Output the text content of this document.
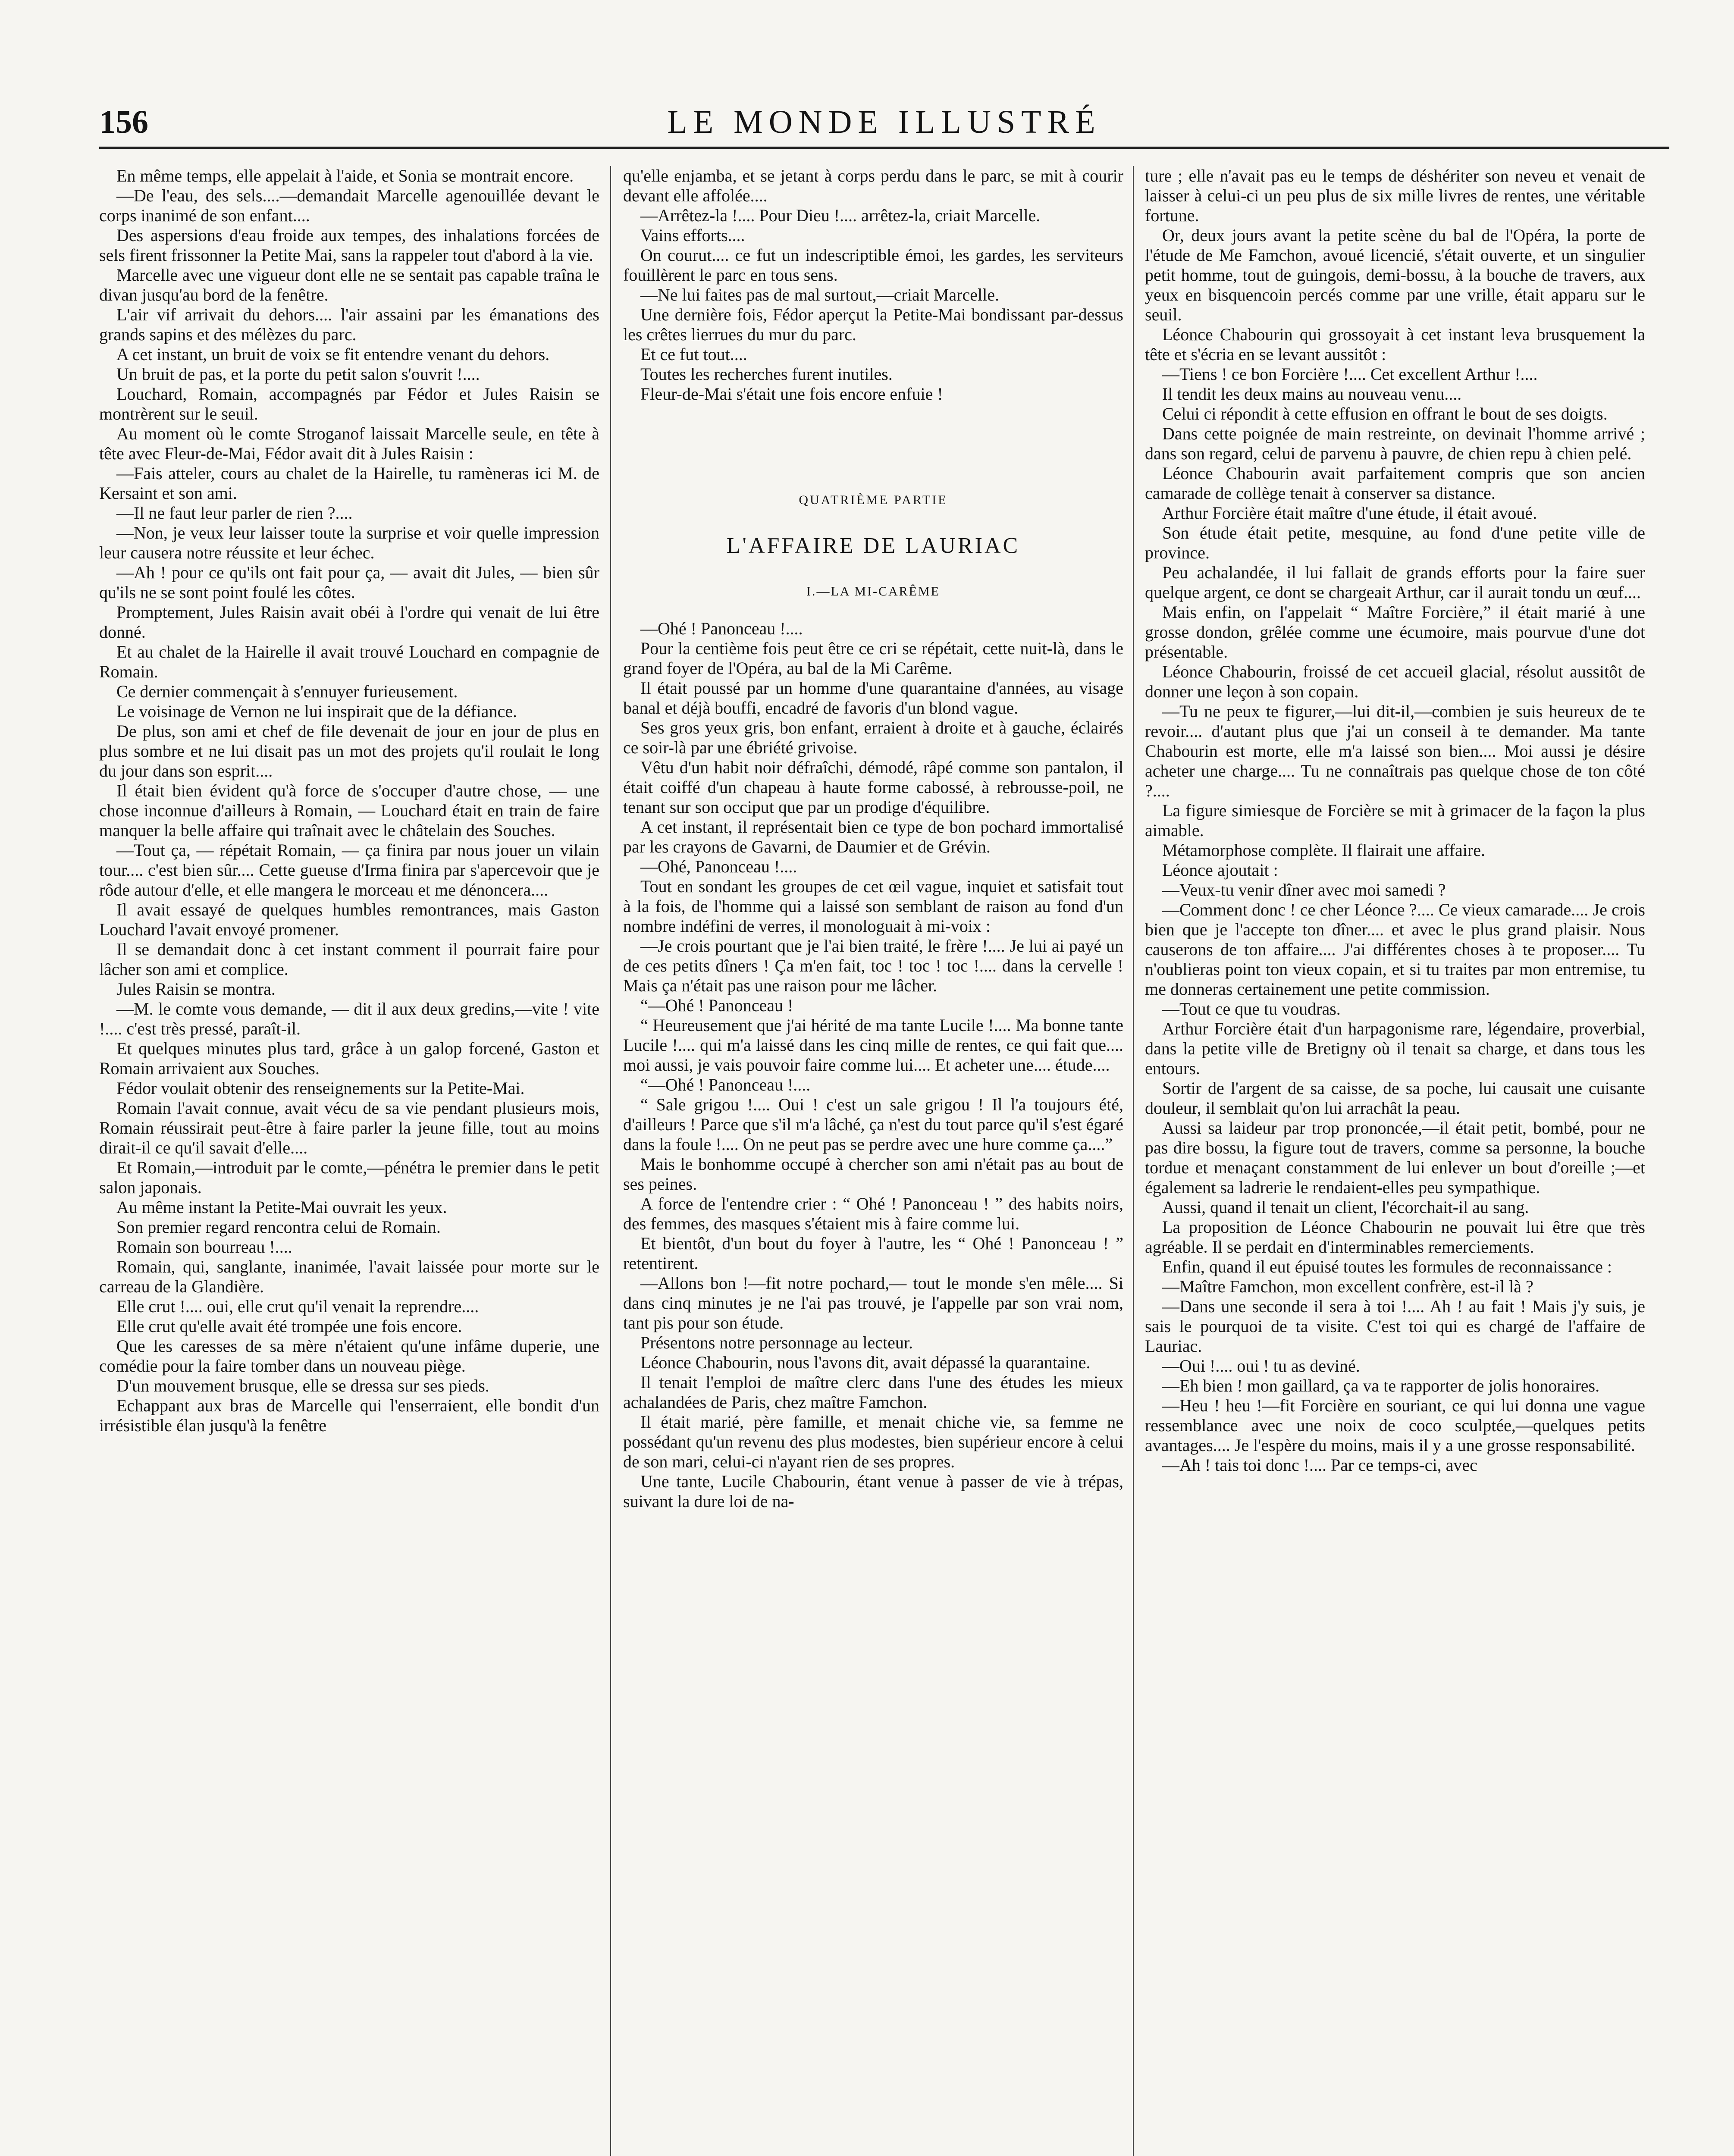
156	LE MONDE ILLUSTRÉ

En même temps, elle appelait à l'aide, et Sonia se montrait encore.

—De l'eau, des sels....—demandait Marcelle agenouillée devant le corps inanimé de son enfant....

Des aspersions d'eau froide aux tempes, des inhalations forcées de sels firent frissonner la Petite Mai, sans la rappeler tout d'abord à la vie.

Marcelle avec une vigueur dont elle ne se sentait pas capable traîna le divan jusqu'au bord de la fenêtre.

L'air vif arrivait du dehors.... l'air assaini par les émanations des grands sapins et des mélèzes du parc.

A cet instant, un bruit de voix se fit entendre venant du dehors.

Un bruit de pas, et la porte du petit salon s'ouvrit !....

Louchard, Romain, accompagnés par Fédor et Jules Raisin se montrèrent sur le seuil.

Au moment où le comte Stroganof laissait Marcelle seule, en tête à tête avec Fleur-de-Mai, Fédor avait dit à Jules Raisin :

—Fais atteler, cours au chalet de la Hairelle, tu ramèneras ici M. de Kersaint et son ami.

—Il ne faut leur parler de rien ?....

—Non, je veux leur laisser toute la surprise et voir quelle impression leur causera notre réussite et leur échec.

—Ah ! pour ce qu'ils ont fait pour ça, — avait dit Jules, — bien sûr qu'ils ne se sont point foulé les côtes.

Promptement, Jules Raisin avait obéi à l'ordre qui venait de lui être donné.

Et au chalet de la Hairelle il avait trouvé Louchard en compagnie de Romain.

Ce dernier commençait à s'ennuyer furieusement.

Le voisinage de Vernon ne lui inspirait que de la défiance.

De plus, son ami et chef de file devenait de jour en jour de plus en plus sombre et ne lui disait pas un mot des projets qu'il roulait le long du jour dans son esprit....

Il était bien évident qu'à force de s'occuper d'autre chose, — une chose inconnue d'ailleurs à Romain, — Louchard était en train de faire manquer la belle affaire qui traînait avec le châtelain des Souches.

—Tout ça, — répétait Romain, — ça finira par nous jouer un vilain tour.... c'est bien sûr.... Cette gueuse d'Irma finira par s'apercevoir que je rôde autour d'elle, et elle mangera le morceau et me dénoncera....

Il avait essayé de quelques humbles remontrances, mais Gaston Louchard l'avait envoyé promener.

Il se demandait donc à cet instant comment il pourrait faire pour lâcher son ami et complice.

Jules Raisin se montra.

—M. le comte vous demande, — dit il aux deux gredins,—vite ! vite !.... c'est très pressé, paraît-il.

Et quelques minutes plus tard, grâce à un galop forcené, Gaston et Romain arrivaient aux Souches.

Fédor voulait obtenir des renseignements sur la Petite-Mai.

Romain l'avait connue, avait vécu de sa vie pendant plusieurs mois, Romain réussirait peut-être à faire parler la jeune fille, tout au moins dirait-il ce qu'il savait d'elle....

Et Romain,—introduit par le comte,—pénétra le premier dans le petit salon japonais.

Au même instant la Petite-Mai ouvrait les yeux.

Son premier regard rencontra celui de Romain.

Romain son bourreau !....

Romain, qui, sanglante, inanimée, l'avait laissée pour morte sur le carreau de la Glandière.

Elle crut !.... oui, elle crut qu'il venait la reprendre....

Elle crut qu'elle avait été trompée une fois encore.

Que les caresses de sa mère n'étaient qu'une infâme duperie, une comédie pour la faire tomber dans un nouveau piège.

D'un mouvement brusque, elle se dressa sur ses pieds.

Echappant aux bras de Marcelle qui l'enserraient, elle bondit d'un irrésistible élan jusqu'à la fenêtre

qu'elle enjamba, et se jetant à corps perdu dans le parc, se mit à courir devant elle affolée....

—Arrêtez-la !.... Pour Dieu !.... arrêtez-la, criait Marcelle.

Vains efforts....

On courut.... ce fut un indescriptible émoi, les gardes, les serviteurs fouillèrent le parc en tous sens.

—Ne lui faites pas de mal surtout,—criait Marcelle.

Une dernière fois, Fédor aperçut la Petite-Mai bondissant par-dessus les crêtes lierrues du mur du parc.

Et ce fut tout....

Toutes les recherches furent inutiles.

Fleur-de-Mai s'était une fois encore enfuie !

QUATRIÈME PARTIE

L'AFFAIRE DE LAURIAC

I.—LA MI-CARÊME

—Ohé ! Panonceau !....

Pour la centième fois peut être ce cri se répétait, cette nuit-là, dans le grand foyer de l'Opéra, au bal de la Mi Carême.

Il était poussé par un homme d'une quarantaine d'années, au visage banal et déjà bouffi, encadré de favoris d'un blond vague.

Ses gros yeux gris, bon enfant, erraient à droite et à gauche, éclairés ce soir-là par une ébriété grivoise.

Vêtu d'un habit noir défraîchi, démodé, râpé comme son pantalon, il était coiffé d'un chapeau à haute forme cabossé, à rebrousse-poil, ne tenant sur son occiput que par un prodige d'équilibre.

A cet instant, il représentait bien ce type de bon pochard immortalisé par les crayons de Gavarni, de Daumier et de Grévin.

—Ohé, Panonceau !....

Tout en sondant les groupes de cet œil vague, inquiet et satisfait tout à la fois, de l'homme qui a laissé son semblant de raison au fond d'un nombre indéfini de verres, il monologuait à mi-voix :

—Je crois pourtant que je l'ai bien traité, le frère !.... Je lui ai payé un de ces petits dîners ! Ça m'en fait, toc ! toc ! toc !.... dans la cervelle ! Mais ça n'était pas une raison pour me lâcher.

“—Ohé ! Panonceau !

“ Heureusement que j'ai hérité de ma tante Lucile !.... Ma bonne tante Lucile !.... qui m'a laissé dans les cinq mille de rentes, ce qui fait que.... moi aussi, je vais pouvoir faire comme lui.... Et acheter une.... étude....

“—Ohé ! Panonceau !....

“ Sale grigou !.... Oui ! c'est un sale grigou ! Il l'a toujours été, d'ailleurs ! Parce que s'il m'a lâché, ça n'est du tout parce qu'il s'est égaré dans la foule !.... On ne peut pas se perdre avec une hure comme ça....”

Mais le bonhomme occupé à chercher son ami n'était pas au bout de ses peines.

A force de l'entendre crier : “ Ohé ! Panonceau ! ” des habits noirs, des femmes, des masques s'étaient mis à faire comme lui.

Et bientôt, d'un bout du foyer à l'autre, les “ Ohé ! Panonceau ! ” retentirent.

—Allons bon !—fit notre pochard,— tout le monde s'en mêle.... Si dans cinq minutes je ne l'ai pas trouvé, je l'appelle par son vrai nom, tant pis pour son étude.

Présentons notre personnage au lecteur.

Léonce Chabourin, nous l'avons dit, avait dépassé la quarantaine.

Il tenait l'emploi de maître clerc dans l'une des études les mieux achalandées de Paris, chez maître Famchon.

Il était marié, père famille, et menait chiche vie, sa femme ne possédant qu'un revenu des plus modestes, bien supérieur encore à celui de son mari, celui-ci n'ayant rien de ses propres.

Une tante, Lucile Chabourin, étant venue à passer de vie à trépas, suivant la dure loi de na-

ture ; elle n'avait pas eu le temps de déshériter son neveu et venait de laisser à celui-ci un peu plus de six mille livres de rentes, une véritable fortune.

Or, deux jours avant la petite scène du bal de l'Opéra, la porte de l'étude de Me Famchon, avoué licencié, s'était ouverte, et un singulier petit homme, tout de guingois, demi-bossu, à la bouche de travers, aux yeux en bisquencoin percés comme par une vrille, était apparu sur le seuil.

Léonce Chabourin qui grossoyait à cet instant leva brusquement la tête et s'écria en se levant aussitôt :

—Tiens ! ce bon Forcière !.... Cet excellent Arthur !....

Il tendit les deux mains au nouveau venu....

Celui ci répondit à cette effusion en offrant le bout de ses doigts.

Dans cette poignée de main restreinte, on devinait l'homme arrivé ; dans son regard, celui de parvenu à pauvre, de chien repu à chien pelé.

Léonce Chabourin avait parfaitement compris que son ancien camarade de collège tenait à conserver sa distance.

Arthur Forcière était maître d'une étude, il était avoué.

Son étude était petite, mesquine, au fond d'une petite ville de province.

Peu achalandée, il lui fallait de grands efforts pour la faire suer quelque argent, ce dont se chargeait Arthur, car il aurait tondu un œuf....

Mais enfin, on l'appelait “ Maître Forcière,” il était marié à une grosse dondon, grêlée comme une écumoire, mais pourvue d'une dot présentable.

Léonce Chabourin, froissé de cet accueil glacial, résolut aussitôt de donner une leçon à son copain.

—Tu ne peux te figurer,—lui dit-il,—combien je suis heureux de te revoir.... d'autant plus que j'ai un conseil à te demander. Ma tante Chabourin est morte, elle m'a laissé son bien.... Moi aussi je désire acheter une charge.... Tu ne connaîtrais pas quelque chose de ton côté ?....

La figure simiesque de Forcière se mit à grimacer de la façon la plus aimable.

Métamorphose complète. Il flairait une affaire.

Léonce ajoutait :

—Veux-tu venir dîner avec moi samedi ?

—Comment donc ! ce cher Léonce ?.... Ce vieux camarade.... Je crois bien que je l'accepte ton dîner.... et avec le plus grand plaisir. Nous causerons de ton affaire.... J'ai différentes choses à te proposer.... Tu n'oublieras point ton vieux copain, et si tu traites par mon entremise, tu me donneras certainement une petite commission.

—Tout ce que tu voudras.

Arthur Forcière était d'un harpagonisme rare, légendaire, proverbial, dans la petite ville de Bretigny où il tenait sa charge, et dans tous les entours.

Sortir de l'argent de sa caisse, de sa poche, lui causait une cuisante douleur, il semblait qu'on lui arrachât la peau.

Aussi sa laideur par trop prononcée,—il était petit, bombé, pour ne pas dire bossu, la figure tout de travers, comme sa personne, la bouche tordue et menaçant constamment de lui enlever un bout d'oreille ;—et également sa ladrerie le rendaient-elles peu sympathique.

Aussi, quand il tenait un client, l'écorchait-il au sang.

La proposition de Léonce Chabourin ne pouvait lui être que très agréable. Il se perdait en d'interminables remerciements.

Enfin, quand il eut épuisé toutes les formules de reconnaissance :

—Maître Famchon, mon excellent confrère, est-il là ?

—Dans une seconde il sera à toi !.... Ah ! au fait ! Mais j'y suis, je sais le pourquoi de ta visite. C'est toi qui es chargé de l'affaire de Lauriac.

—Oui !.... oui ! tu as deviné.

—Eh bien ! mon gaillard, ça va te rapporter de jolis honoraires.

—Heu ! heu !—fit Forcière en souriant, ce qui lui donna une vague ressemblance avec une noix de coco sculptée,—quelques petits avantages.... Je l'espère du moins, mais il y a une grosse responsabilité.

—Ah ! tais toi donc !.... Par ce temps-ci, avec
